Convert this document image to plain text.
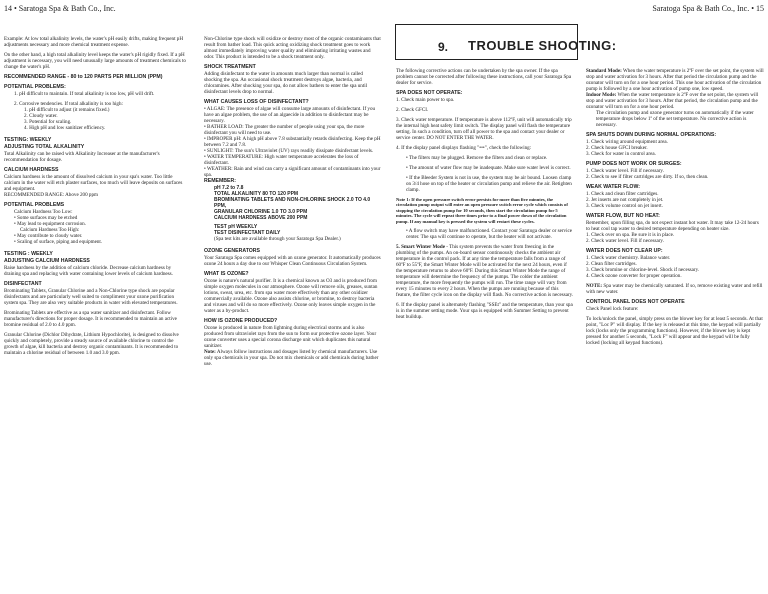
14 • Saratoga Spa & Bath Co., Inc.	Saratoga Spa & Bath Co., Inc. • 15

Example: At low total alkalinity levels, the water's pH easily drifts, making frequent pH adjustments necessary and more chemical treatment expense.

On the other hand, a high total alkalinity level keeps the water's pH rigidly fixed. If a pH adjustment is necessary, you will need unusually large amounts of treatment chemicals to change the water's pH.

RECOMMENDED RANGE - 80 to 120 PARTS PER MILLION (PPM)

POTENTIAL PROBLEMS:
1. pH difficult to maintain. If total alkalinity is too low, pH will drift.
2. Corrosive tendencies. If total alkalinity is too high:
1. pH difficult to adjust (it remains fixed.)
2. Cloudy water.
3. Potential for scaling.
4. High pH and low sanitizer efficiency.
TESTING: WEEKLY
ADJUSTING TOTAL ALKALINITY

Total Alkalinity can be raised with Alkalinity Increaser at the manufacturer's recommendation for dosage.

CALCIUM HARDNESS
Calcium hardness is the amount of dissolved calcium in your spa's water. Too little calcium in the water will etch plaster surfaces, too much will leave deposits on surfaces and equipment.

RECOMMENDED RANGE: Above 200 ppm

POTENTIAL PROBLEMS
Calcium Hardness Too Low:
• Some surfaces may be etched
• May lead to equipment corrosion.
Calcium Hardness Too High:
• May contribute to cloudy water.
• Scaling of surface, piping and equipment.
TESTING : WEEKLY
ADJUSTING CALCIUM HARDNESS

Raise hardness by the addition of calcium chloride. Decrease calcium hardness by draining spa and replacing with water containing lower levels of calcium hardness.

DISINFECTANT

Brominating Tablets, Granular Chlorine and a Non-Chlorine type shock are popular disinfectants and are particularly well suited to compliment your ozone purification system spa. They are also very suitable products in water with elevated temperatures.

Brominating Tablets are effective as a spa water sanitizer and disinfectant. Follow manufacturer's directions for proper dosage. It is recommended to maintain an active bromine residual of 2.0 to 4.0 ppm.

Granular Chlorine (Dichlor Dihydrate, Lithium Hypochlorite), is designed to dissolve quickly and completely, provide a steady source of available chlorine to control the growth of algae, kill bacteria and destroy organic contaminants. It is recommended to maintain a chlorine residual of between 1.0 and 3.0 ppm.

Non-Chlorine type shock will oxidize or destroy most of the organic contaminants that result from bather load. This quick acting oxidizing shock treatment goes to work almost immediately improving water quality and eliminating irritating wastes and odor. This product is intended to be a shock treatment only.

SHOCK TREATMENT

Adding disinfectant to the water in amounts much larger than normal is called shocking the spa. An occasional shock treatment destroys algae, bacteria, and chloramines. After shocking your spa, do not allow bathers to enter the spa until disinfectant levels drop to normal.

WHAT CAUSES LOSS OF DISINFECTANT?
• ALGAE: The presence of algae will consume large amounts of disinfectant. If you have an algae problem, the use of an algaecide in addition to disinfectant may be necessary.
• BATHER LOAD: The greater the number of people using your spa, the more disinfectant you will need to use.
• IMPROPER pH: A high pH above 7.8 substantially retards disinfecting. Keep the pH between 7.2 and 7.8.
• SUNLIGHT: The sun's Ultraviolet (UV) rays readily dissipate disinfectant levels.
• WATER TEMPERATURE: High water temperature accelerates the loss of disinfectant.
• WEATHER: Rain and wind can carry a significant amount of contaminants into your spa.
REMEMBER:
pH 7.2 to 7.8
TOTAL ALKALINITY 80 TO 120 PPM
BROMINATING TABLETS AND NON-CHLORINE SHOCK 2.0 TO 4.0 PPM,
GRANULAR CHLORINE 1.0 TO 3.0 PPM
CALCIUM HARDNESS ABOVE 200 PPM
TEST pH WEEKLY
TEST DISINFECTANT DAILY
(Spa test kits are available through your Saratoga Spa Dealer.)
OZONE GENERATORS

Your Saratoga Spa comes equipped with an ozone generator. It automatically produces ozone 24 hours a day due to our Whisper Clean Continuous Circulation System.

WHAT IS OZONE?

Ozone is nature's natural purifier. It is a chemical known as O3 and is produced from simple oxygen molecules in our atmosphere. Ozone will remove oils, greases, suntan lotions, sweat, urea, etc. from spa water more effectively than any other oxidizer commercially available. Ozone also assists chlorine, or bromine, to destroy bacteria and viruses and will do so more effectively. Ozone only leaves simple oxygen in the water as a by-product.

HOW IS OZONE PRODUCED?
Ozone is produced in nature from lightning during electrical storms and is also produced from ultraviolet rays from the sun to form our protective ozone layer. Your ozone converter uses a special corona discharge unit which duplicates this natural sanitizer.
Note: Always follow instructions and dosages listed by chemical manufacturers. Use only spa chemicals in your spa. Do not mix chemicals or add chemicals during bather use.
9. TROUBLE SHOOTING:

The following corrective actions can be undertaken by the spa owner. If the spa problem cannot be corrected after following these instructions, call your Saratoga Spa dealer for service.

SPA DOES NOT OPERATE:

1. Check main power to spa.

2. Check GFCI.

3. Check water temperature. If temperature is above 112ºF, unit will automatically trip the internal high heat safety limit switch. The display panel will flash the temperature setting. In such a condition, turn off all power to the spa and contact your dealer or service center. DO NOT ENTER THE WATER.

4. If the display panel displays flashing "•••", check the following:

• The filters may be plugged. Remove the filters and clean or replace.

• The amount of water flow may be inadequate. Make sure water level is correct.

• If the Bleeder System is not in use, the system may be air bound. Loosen clamp on 3/4 hose on top of the heater or circulation pump and relieve the air. Retighten clamp.

Note 1: If the open pressure switch error persists for more than five minutes, the circulation pump output will enter an open pressure switch error cycle which consists of stopping the circulation pump for 10 seconds, then start the circulation pump for 5 minutes. The cycle will repeat three times prior to a final power down of the circulation pump. If any manual key is pressed the system will restart these cycles.

• A flow switch may have malfunctioned. Contact your Saratoga dealer or service center. The spa will continue to operate, but the heater will not activate.

5. Smart Winter Mode - This system prevents the water from freezing in the plumbing of the pumps. An on-board sensor continuously checks the ambient air temperature in the control pack. If at any time the temperature falls from a range of 60ºF to 55ºF, the Smart Winter Mode will be activated for the next 24 hours, even if the temperature returns to above 60ºF. During this Smart Winter Mode the range of temperature will determine the frequency of the pumps. The colder the ambient temperature, the more frequently the pumps will run. The time range will vary from every 15 minutes to every 2 hours. When the pumps are running because of this feature, the filter cycle icon on the display will flash. No corrective action is necessary.

6. If the display panel is alternately flashing "SSEt" and the temperature, than your spa is in the summer setting mode. Your spa is equipped with Summer Setting to prevent heat buildup.

Standard Mode: When the water temperature is 2ºF over the set point, the system will stop and water activation for 3 hours. After that period the circulation pump and the ozonator will turn on for a one hour period. This one hour activation of the circulation pump is followed by a one hour activation of pump one, low speed.
Indoor Mode: When the water temperature is 2ºF over the set point, the system will stop and water activation for 3 hours. After that period, the circulation pump and the ozonator will turn on for a one hour period.

The circulation pump and ozone generator turns on automatically if the water temperature drops below 1º of the set temperature. No corrective action is necessary.

SPA SHUTS DOWN DURING NORMAL OPERATIONS:
1. Check wiring around equipment area.
2. Check house GFCI breaker.

3. Check for water in control area.

PUMP DOES NOT WORK OR SURGES:
1. Check water level. Fill if necessary.

2. Check to see if filter cartridges are dirty. If so, then clean.

WEAK WATER FLOW:
1. Check and clean filter cartridges.
2. Jet inserts are not completely in jet.

3. Check volume control on jet insert.

WATER FLOW, BUT NO HEAT:
Remember, upon filling spa, do not expect instant hot water. It may take 12-24 hours to heat cool tap water to desired temperature depending on heater size.
1. Check over on spa. Be sure it is in place.

2. Check water level. Fill if necessary.

WATER DOES NOT CLEAR UP:
1. Check water chemistry. Balance water.
2. Clean filter cartridges.
3. Check bromine or chlorine-level. Shock if necessary.

4. Check ozone converter for proper operation.

NOTE: Spa water may be chemically saturated. If so, remove existing water and refill with new water.

CONTROL PANEL DOES NOT OPERATE

Check Panel lock feature:

To lock/unlock the panel, simply press on the blower key for at least 5 seconds. At that point, "Loc P" will display. If the key is released at this time, the keypad will partially lock (locks only the programming functions). However, if the blower key is kept pressed for another 5 seconds, "Lock F" will appear and the keypad will be fully locked (locking all keypad functions).
